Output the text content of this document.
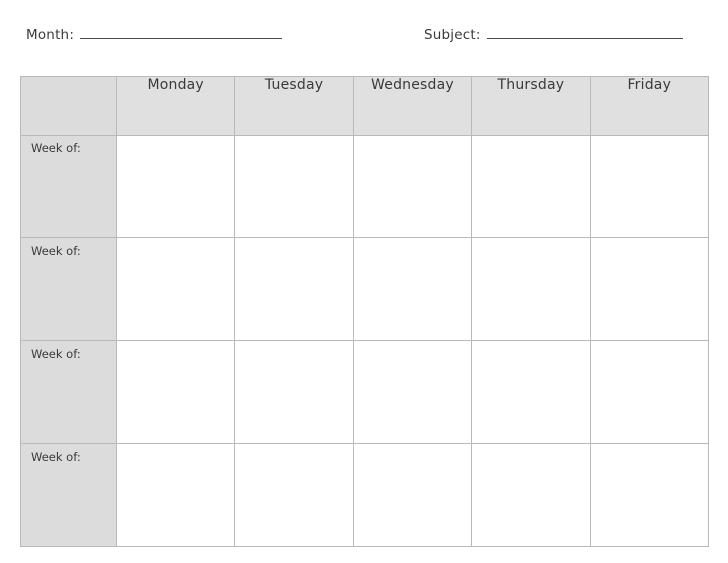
Month:	Subject:
	Monday	Tuesday	Wednesday	Thursday	Friday
Week of:					
Week of:					
Week of:					
Week of:					
